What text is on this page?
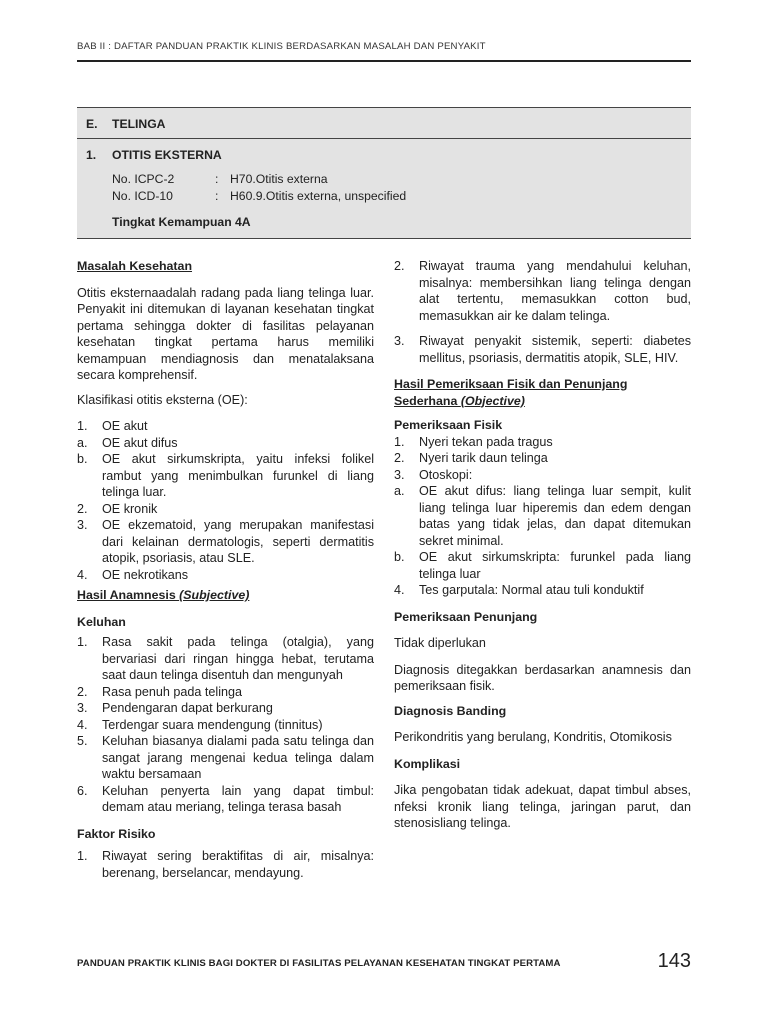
BAB II : DAFTAR PANDUAN PRAKTIK KLINIS BERDASARKAN MASALAH DAN PENYAKIT
E. TELINGA
1. OTITIS EKSTERNA
No. ICPC-2	: H70.Otitis externa
No. ICD-10	: H60.9.Otitis externa, unspecified
Tingkat Kemampuan 4A
Masalah Kesehatan

Otitis eksternaadalah radang pada liang telinga luar. Penyakit ini ditemukan di layanan kesehatan tingkat pertama sehingga dokter di fasilitas pelayanan kesehatan tingkat pertama harus memiliki kemampuan mendiagnosis dan menatalaksana secara komprehensif.

Klasifikasi otitis eksterna (OE):

1. OE akut
a. OE akut difus
b. OE akut sirkumskripta, yaitu infeksi folikel rambut yang menimbulkan furunkel di liang telinga luar.
2. OE kronik
3. OE ekzematoid, yang merupakan manifestasi dari kelainan dermatologis, seperti dermatitis atopik, psoriasis, atau SLE.
4. OE nekrotikans
Hasil Anamnesis (Subjective)
Keluhan
1. Rasa sakit pada telinga (otalgia), yang bervariasi dari ringan hingga hebat, terutama saat daun telinga disentuh dan mengunyah
2. Rasa penuh pada telinga
3. Pendengaran dapat berkurang
4. Terdengar suara mendengung (tinnitus)
5. Keluhan biasanya dialami pada satu telinga dan sangat jarang mengenai kedua telinga dalam waktu bersamaan
6. Keluhan penyerta lain yang dapat timbul: demam atau meriang, telinga terasa basah
Faktor Risiko
1. Riwayat sering beraktifitas di air, misalnya: berenang, berselancar, mendayung.
2. Riwayat trauma yang mendahului keluhan, misalnya: membersihkan liang telinga dengan alat tertentu, memasukkan cotton bud, memasukkan air ke dalam telinga.
3. Riwayat penyakit sistemik, seperti: diabetes mellitus, psoriasis, dermatitis atopik, SLE, HIV.
Hasil Pemeriksaan Fisik dan Penunjang
Sederhana (Objective)
Pemeriksaan Fisik
1. Nyeri tekan pada tragus
2. Nyeri tarik daun telinga
3. Otoskopi:
a. OE akut difus: liang telinga luar sempit, kulit liang telinga luar hiperemis dan edem dengan batas yang tidak jelas, dan dapat ditemukan sekret minimal.
b. OE akut sirkumskripta: furunkel pada liang telinga luar
4. Tes garputala: Normal atau tuli konduktif
Pemeriksaan Penunjang

Tidak diperlukan

Diagnosis ditegakkan berdasarkan anamnesis dan pemeriksaan fisik.

Diagnosis Banding

Perikondritis yang berulang, Kondritis, Otomikosis

Komplikasi

Jika pengobatan tidak adekuat, dapat timbul abses, nfeksi kronik liang telinga, jaringan parut, dan stenosisliang telinga.

PANDUAN PRAKTIK KLINIS BAGI DOKTER DI FASILITAS PELAYANAN KESEHATAN TINGKAT PERTAMA	143
